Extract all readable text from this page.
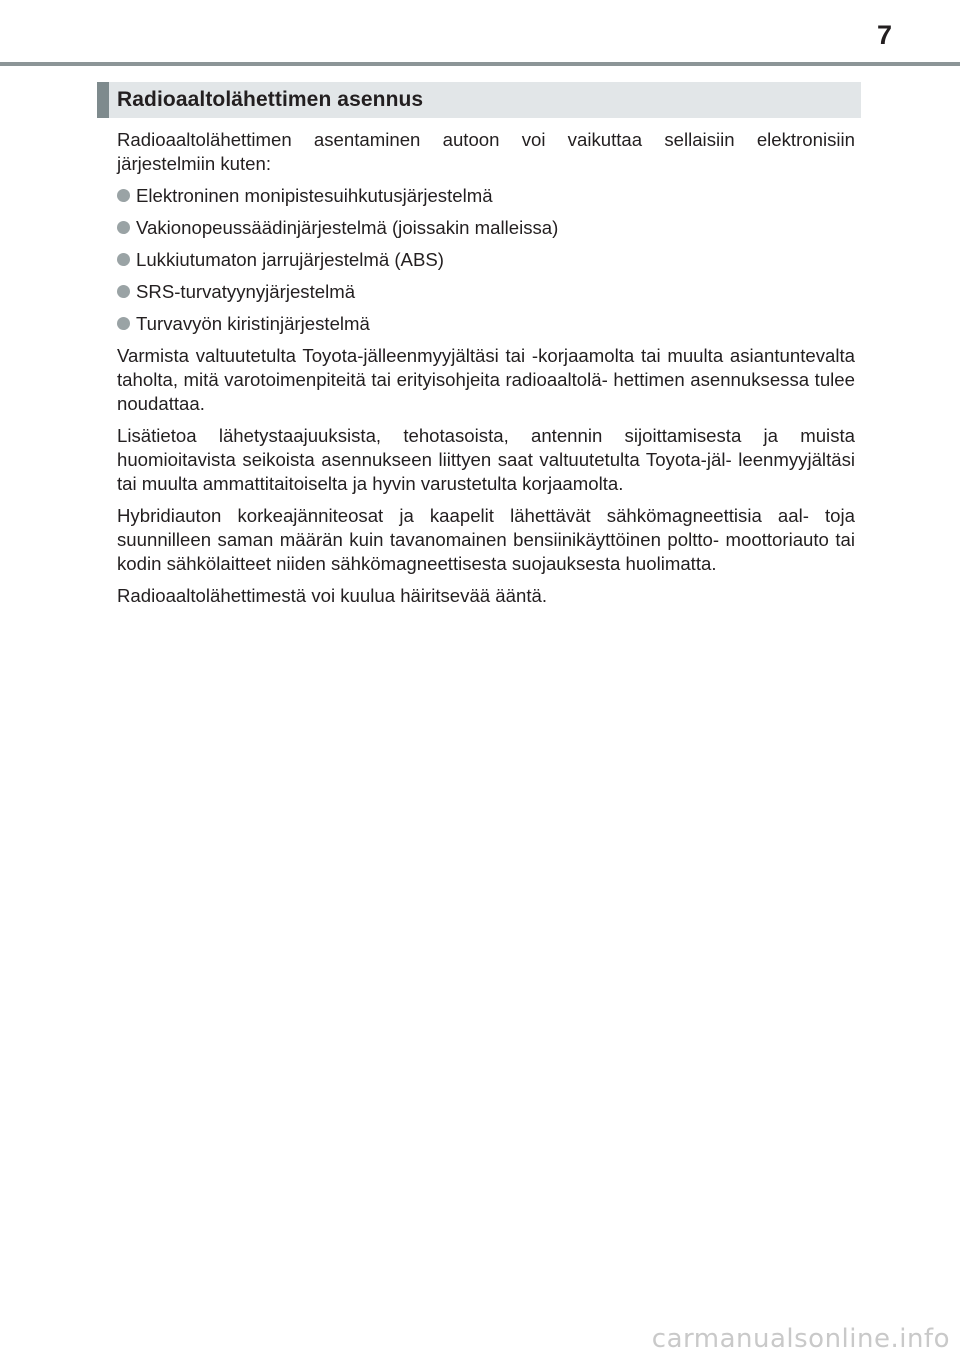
7
Radioaaltolähettimen asennus

Radioaaltolähettimen asentaminen autoon voi vaikuttaa sellaisiin elektronisiin järjestelmiin kuten:

Elektroninen monipistesuihkutusjärjestelmä
Vakionopeussäädinjärjestelmä (joissakin malleissa)
Lukkiutumaton jarrujärjestelmä (ABS)
SRS-turvatyynyjärjestelmä
Turvavyön kiristinjärjestelmä

Varmista valtuutetulta Toyota-jälleenmyyjältäsi tai -korjaamolta tai muulta asiantuntevalta taholta, mitä varotoimenpiteitä tai erityisohjeita radioaaltolä- hettimen asennuksessa tulee noudattaa.

Lisätietoa lähetystaajuuksista, tehotasoista, antennin sijoittamisesta ja muista huomioitavista seikoista asennukseen liittyen saat valtuutetulta Toyota-jäl- leenmyyjältäsi tai muulta ammattitaitoiselta ja hyvin varustetulta korjaamolta.

Hybridiauton korkeajänniteosat ja kaapelit lähettävät sähkömagneettisia aal- toja suunnilleen saman määrän kuin tavanomainen bensiinikäyttöinen poltto- moottoriauto tai kodin sähkölaitteet niiden sähkömagneettisesta suojauksesta huolimatta.

Radioaaltolähettimestä voi kuulua häiritsevää ääntä.

carmanualsonline.info
